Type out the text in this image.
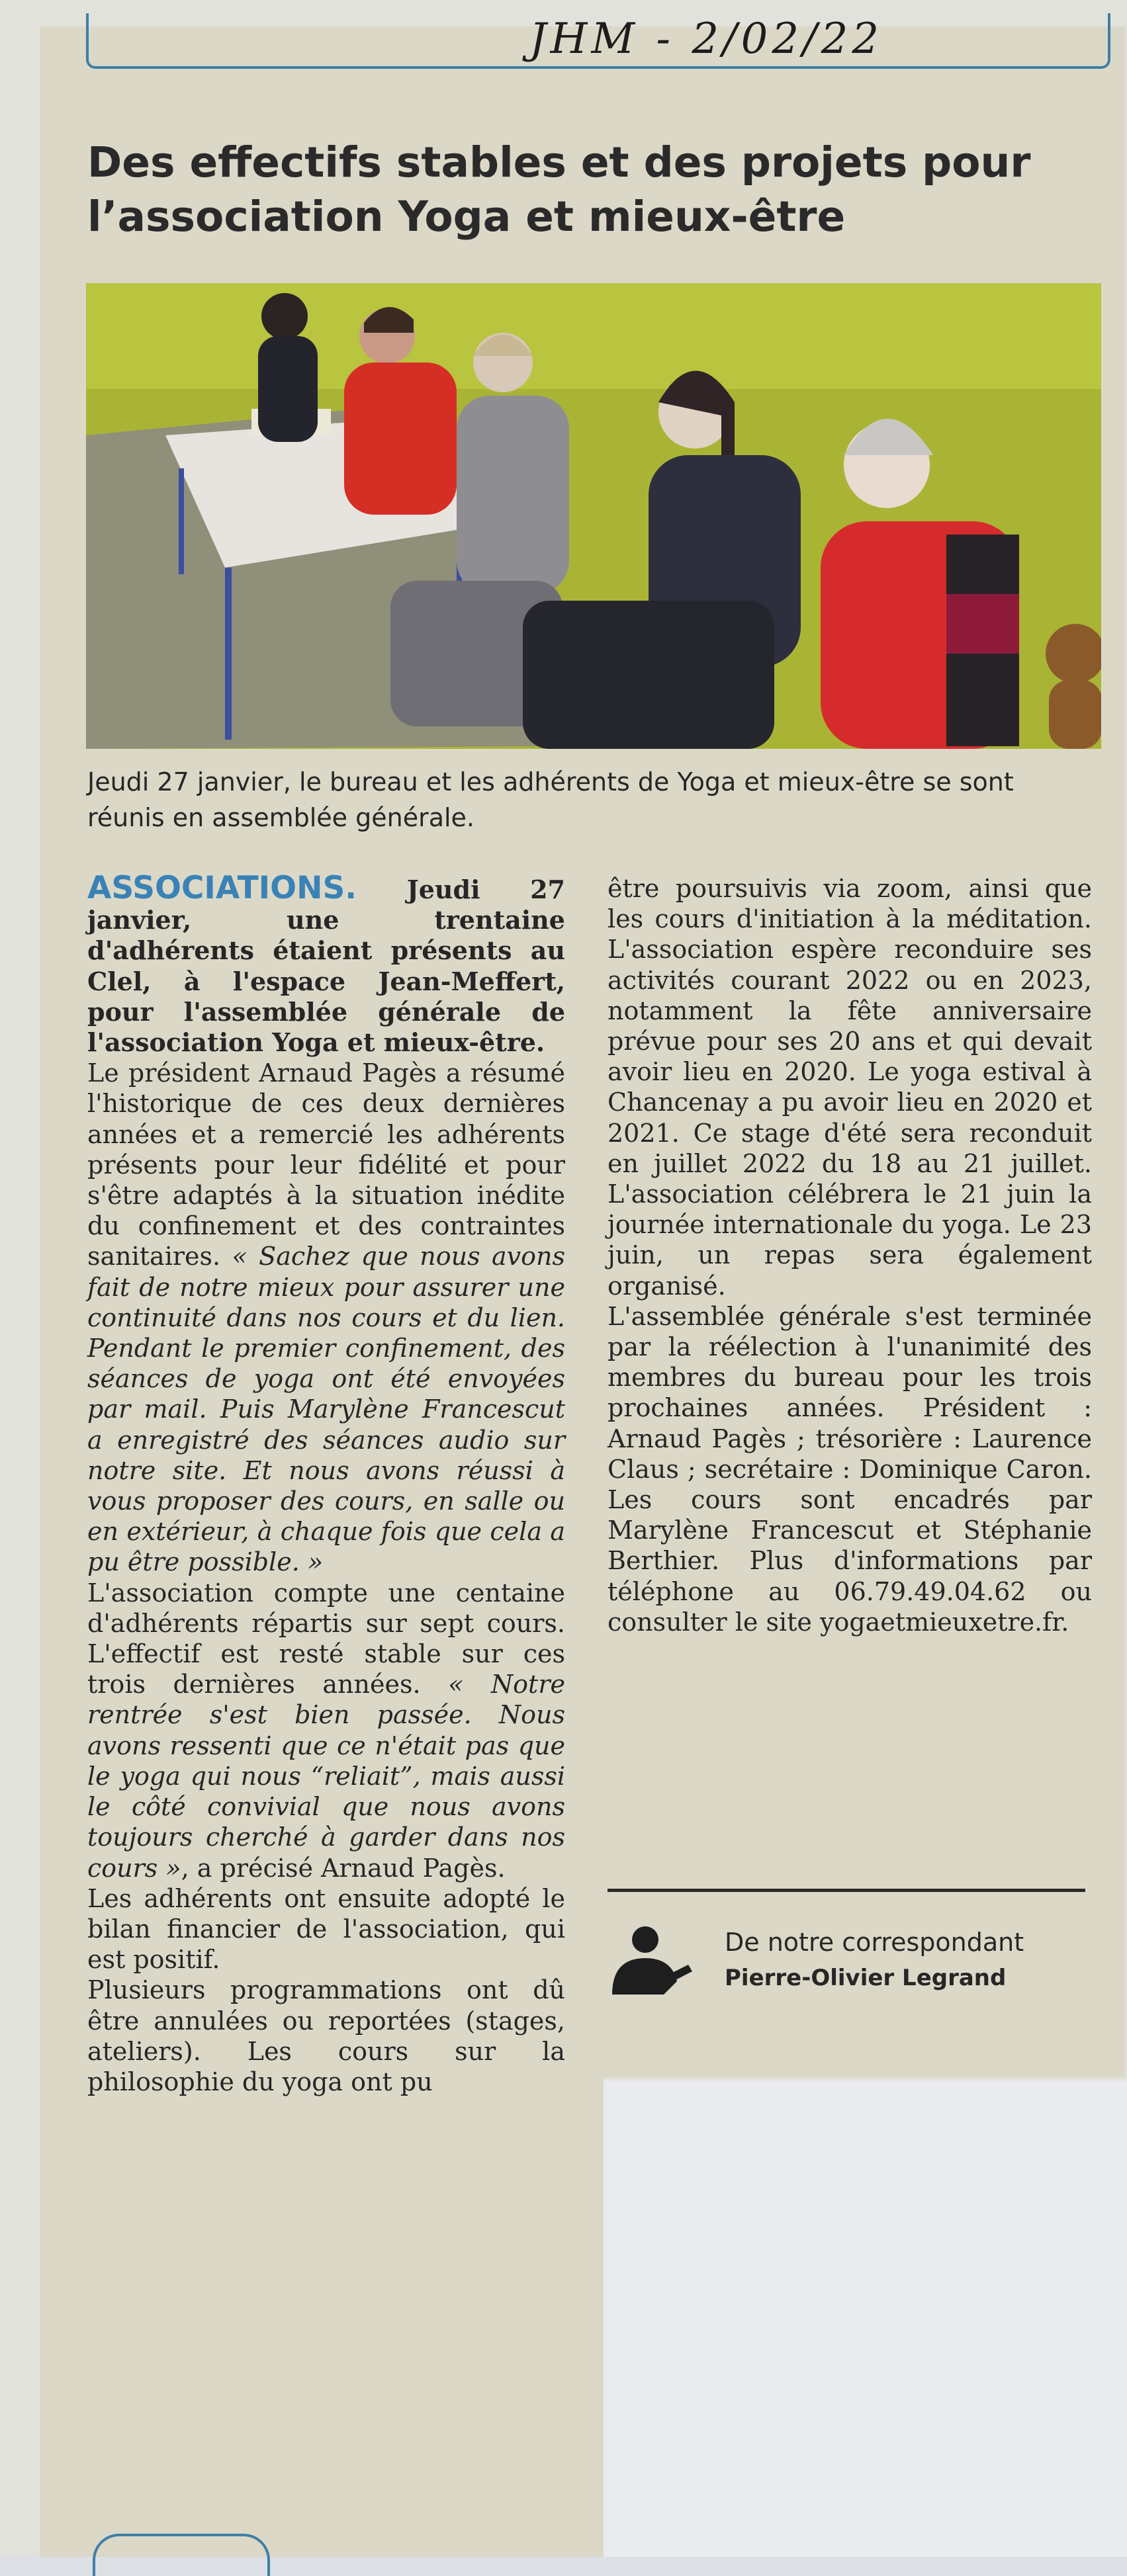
JHM - 2/02/22
Des effectifs stables et des projets pour l’association Yoga et mieux-être
Jeudi 27 janvier, le bureau et les adhérents de Yoga et mieux-être se sont réunis en assemblée générale.

ASSOCIATIONS. Jeudi 27 janvier, une trentaine d'adhérents étaient présents au Clel, à l'espace Jean-Meffert, pour l'assemblée générale de l'association Yoga et mieux-être.

Le président Arnaud Pagès a résumé l'historique de ces deux dernières années et a remercié les adhérents présents pour leur fidélité et pour s'être adaptés à la situation inédite du confinement et des contraintes sanitaires. « Sachez que nous avons fait de notre mieux pour assurer une continuité dans nos cours et du lien. Pendant le premier confinement, des séances de yoga ont été envoyées par mail. Puis Marylène Francescut a enregistré des séances audio sur notre site. Et nous avons réussi à vous proposer des cours, en salle ou en extérieur, à chaque fois que cela a pu être possible. »

L'association compte une centaine d'adhérents répartis sur sept cours. L'effectif est resté stable sur ces trois dernières années. « Notre rentrée s'est bien passée. Nous avons ressenti que ce n'était pas que le yoga qui nous “reliait”, mais aussi le côté convivial que nous avons toujours cherché à garder dans nos cours », a précisé Arnaud Pagès.

Les adhérents ont ensuite adopté le bilan financier de l'association, qui est positif.

Plusieurs programmations ont dû être annulées ou reportées (stages, ateliers). Les cours sur la philosophie du yoga ont pu

être poursuivis via zoom, ainsi que les cours d'initiation à la méditation. L'association espère reconduire ses activités courant 2022 ou en 2023, notamment la fête anniversaire prévue pour ses 20 ans et qui devait avoir lieu en 2020. Le yoga estival à Chancenay a pu avoir lieu en 2020 et 2021. Ce stage d'été sera reconduit en juillet 2022 du 18 au 21 juillet. L'association célébrera le 21 juin la journée internationale du yoga. Le 23 juin, un repas sera également organisé.

L'assemblée générale s'est terminée par la réélection à l'unanimité des membres du bureau pour les trois prochaines années. Président : Arnaud Pagès ; trésorière : Laurence Claus ; secrétaire : Dominique Caron. Les cours sont encadrés par Marylène Francescut et Stéphanie Berthier. Plus d'informations par téléphone au 06.79.49.04.62 ou consulter le site yogaetmieuxetre.fr.

De notre correspondant
Pierre-Olivier Legrand
